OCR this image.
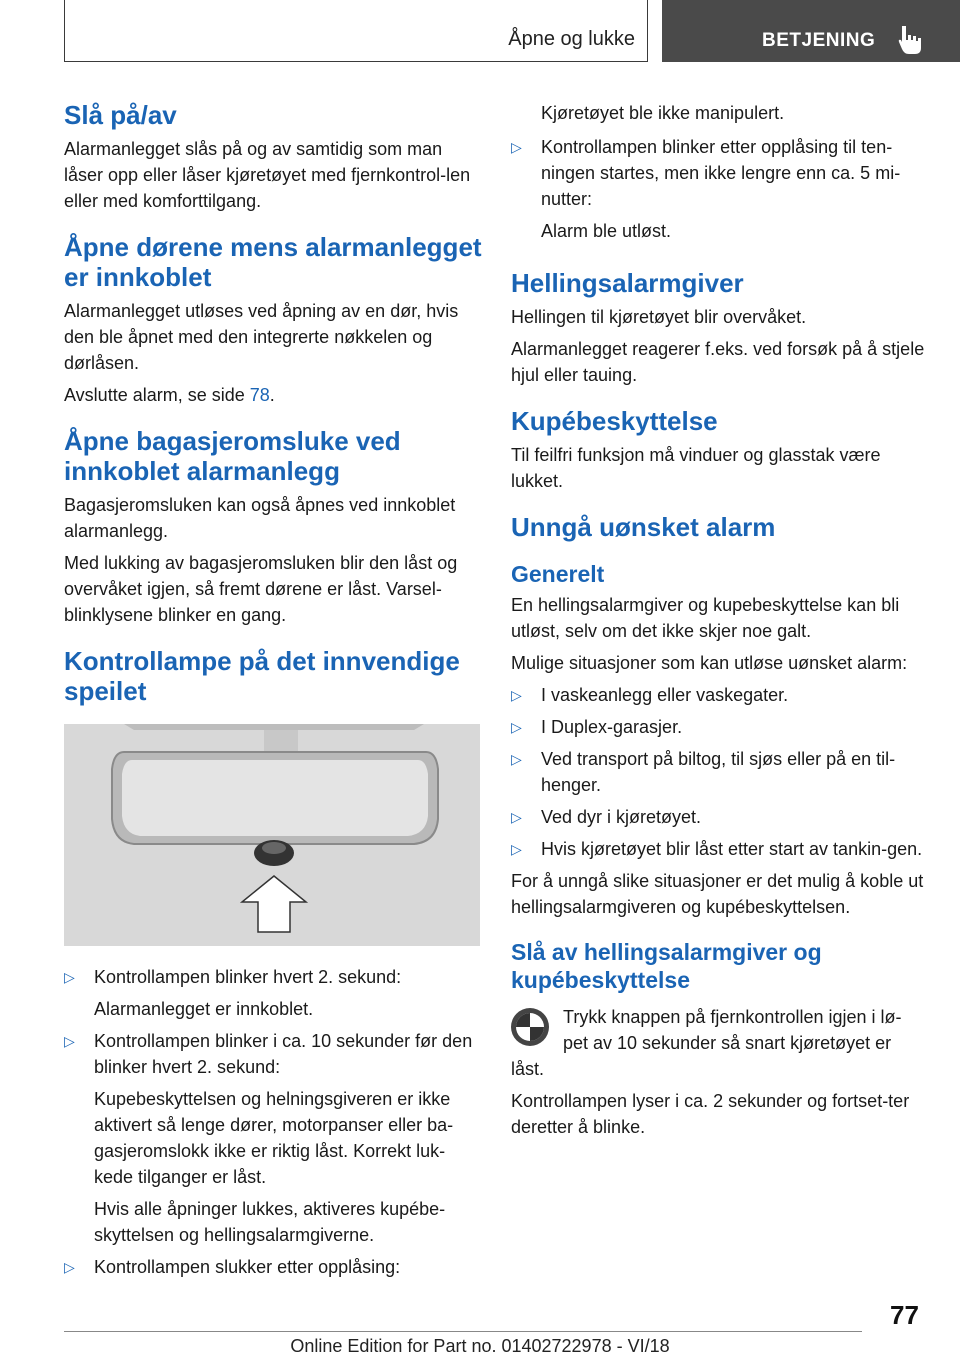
Åpne og lukke	BETJENING
Slå på/av

Alarmanlegget slås på og av samtidig som man låser opp eller låser kjøretøyet med fjernkontrol-len eller med komforttilgang.

Åpne dørene mens alarmanlegget er innkoblet

Alarmanlegget utløses ved åpning av en dør, hvis den ble åpnet med den integrerte nøkkelen og dørlåsen.

Avslutte alarm, se side 78.

Åpne bagasjeromsluke ved innkoblet alarmanlegg

Bagasjeromsluken kan også åpnes ved innkoblet alarmanlegg.

Med lukking av bagasjeromsluken blir den låst og overvåket igjen, så fremt dørene er låst. Varsel-blinklysene blinker en gang.

Kontrollampe på det innvendige speilet
▷ Kontrollampen blinker hvert 2. sekund:

Alarmanlegget er innkoblet.

▷ Kontrollampen blinker i ca. 10 sekunder før den blinker hvert 2. sekund:

Kupebeskyttelsen og helningsgiveren er ikke aktivert så lenge dører, motorpanser eller ba-gasjeromslokk ikke er riktig låst. Korrekt luk-kede tilganger er låst.

Hvis alle åpninger lukkes, aktiveres kupébe-skyttelsen og hellingsalarmgiverne.

▷ Kontrollampen slukker etter opplåsing:

Kjøretøyet ble ikke manipulert.

▷ Kontrollampen blinker etter opplåsing til ten-ningen startes, men ikke lengre enn ca. 5 mi-nutter:

Alarm ble utløst.

Hellingsalarmgiver

Hellingen til kjøretøyet blir overvåket.

Alarmanlegget reagerer f.eks. ved forsøk på å stjele hjul eller tauing.

Kupébeskyttelse

Til feilfri funksjon må vinduer og glasstak være lukket.

Unngå uønsket alarm
Generelt

En hellingsalarmgiver og kupebeskyttelse kan bli utløst, selv om det ikke skjer noe galt.

Mulige situasjoner som kan utløse uønsket alarm:

▷ I vaskeanlegg eller vaskegater.
▷ I Duplex-garasjer.
▷ Ved transport på biltog, til sjøs eller på en til-henger.
▷ Ved dyr i kjøretøyet.
▷ Hvis kjøretøyet blir låst etter start av tankin-gen.

For å unngå slike situasjoner er det mulig å koble ut hellingsalarmgiveren og kupébeskyttelsen.

Slå av hellingsalarmgiver og kupébeskyttelse

Trykk knappen på fjernkontrollen igjen i lø-pet av 10 sekunder så snart kjøretøyet er låst.

Kontrollampen lyser i ca. 2 sekunder og fortset-ter deretter å blinke.

77
Online Edition for Part no. 01402722978 - VI/18
